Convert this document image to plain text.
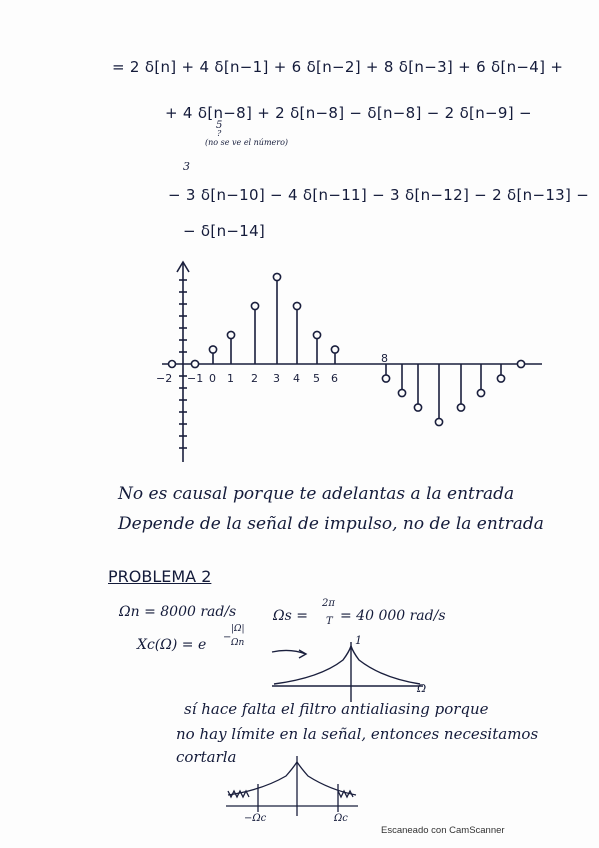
= 2 δ[n] + 4 δ[n−1] + 6 δ[n−2] + 8 δ[n−3] + 6 δ[n−4] +
+ 4 δ[n−8] + 2 δ[n−8] − δ[n−8] − 2 δ[n−9] −
5
?
(no se ve el número)
3
− 3 δ[n−10] − 4 δ[n−11] − 3 δ[n−12] − 2 δ[n−13] −
− δ[n−14]
−2 −1 0 1 2 3 4 5 6
8
No es causal porque te adelantas a la entrada
Depende de la señal de impulso, no de la entrada
PROBLEMA 2
Ωn = 8000 rad/s	Ωs =
2π
T = 40 000 rad/s
Xc(Ω) = e −
|Ω|
Ωn	1
Ω
sí hace falta el filtro antialiasing porque
no hay límite en la señal, entonces necesitamos
cortarla
−Ωc	Ωc
Escaneado con CamScanner
